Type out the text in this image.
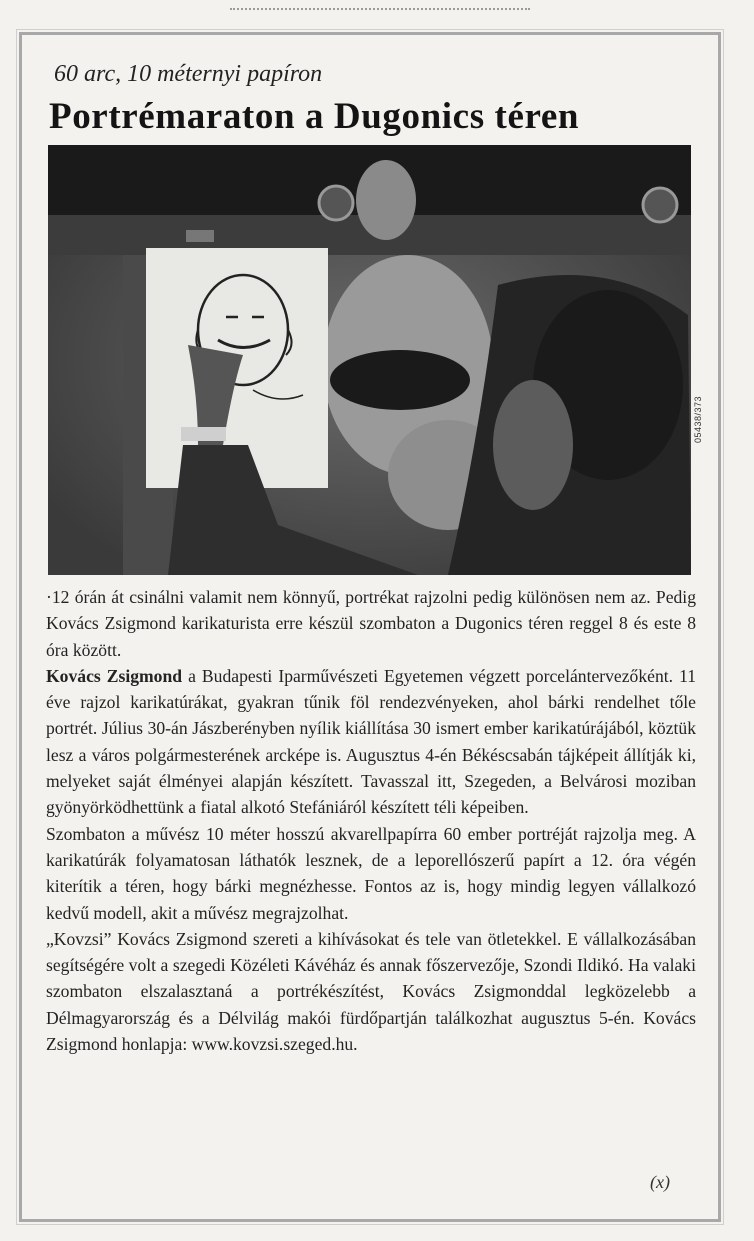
60 arc, 10 méternyi papíron
Portrémaraton a Dugonics téren
05438/373

·12 órán át csinálni valamit nem könnyű, portrékat rajzolni pedig különösen nem az. Pedig Kovács Zsigmond karikaturista erre készül szombaton a Dugonics téren reggel 8 és este 8 óra között.

Kovács Zsigmond a Budapesti Iparművészeti Egyetemen végzett porcelántervezőként. 11 éve rajzol karikatúrákat, gyakran tűnik föl rendezvényeken, ahol bárki rendelhet tőle portrét. Július 30-án Jászberényben nyílik kiállítása 30 ismert ember karikatúrájából, köztük lesz a város polgármesterének arcképe is. Augusztus 4-én Békéscsabán tájképeit állítják ki, melyeket saját élményei alapján készített. Tavasszal itt, Szegeden, a Belvárosi moziban gyönyörködhettünk a fiatal alkotó Stefániáról készített téli képeiben.

Szombaton a művész 10 méter hosszú akvarellpapírra 60 ember portréját rajzolja meg. A karikatúrák folyamatosan láthatók lesznek, de a leporellószerű papírt a 12. óra végén kiterítik a téren, hogy bárki megnézhesse. Fontos az is, hogy mindig legyen vállalkozó kedvű modell, akit a művész megrajzolhat.

„Kovzsi” Kovács Zsigmond szereti a kihívásokat és tele van ötletekkel. E vállalkozásában segítségére volt a szegedi Közéleti Kávéház és annak főszervezője, Szondi Ildikó. Ha valaki szombaton elszalasztaná a portrékészítést, Kovács Zsigmonddal legközelebb a Délmagyarország és a Délvilág makói fürdőpartján találkozhat augusztus 5-én. Kovács Zsigmond honlapja: www.kovzsi.szeged.hu.

(x)
